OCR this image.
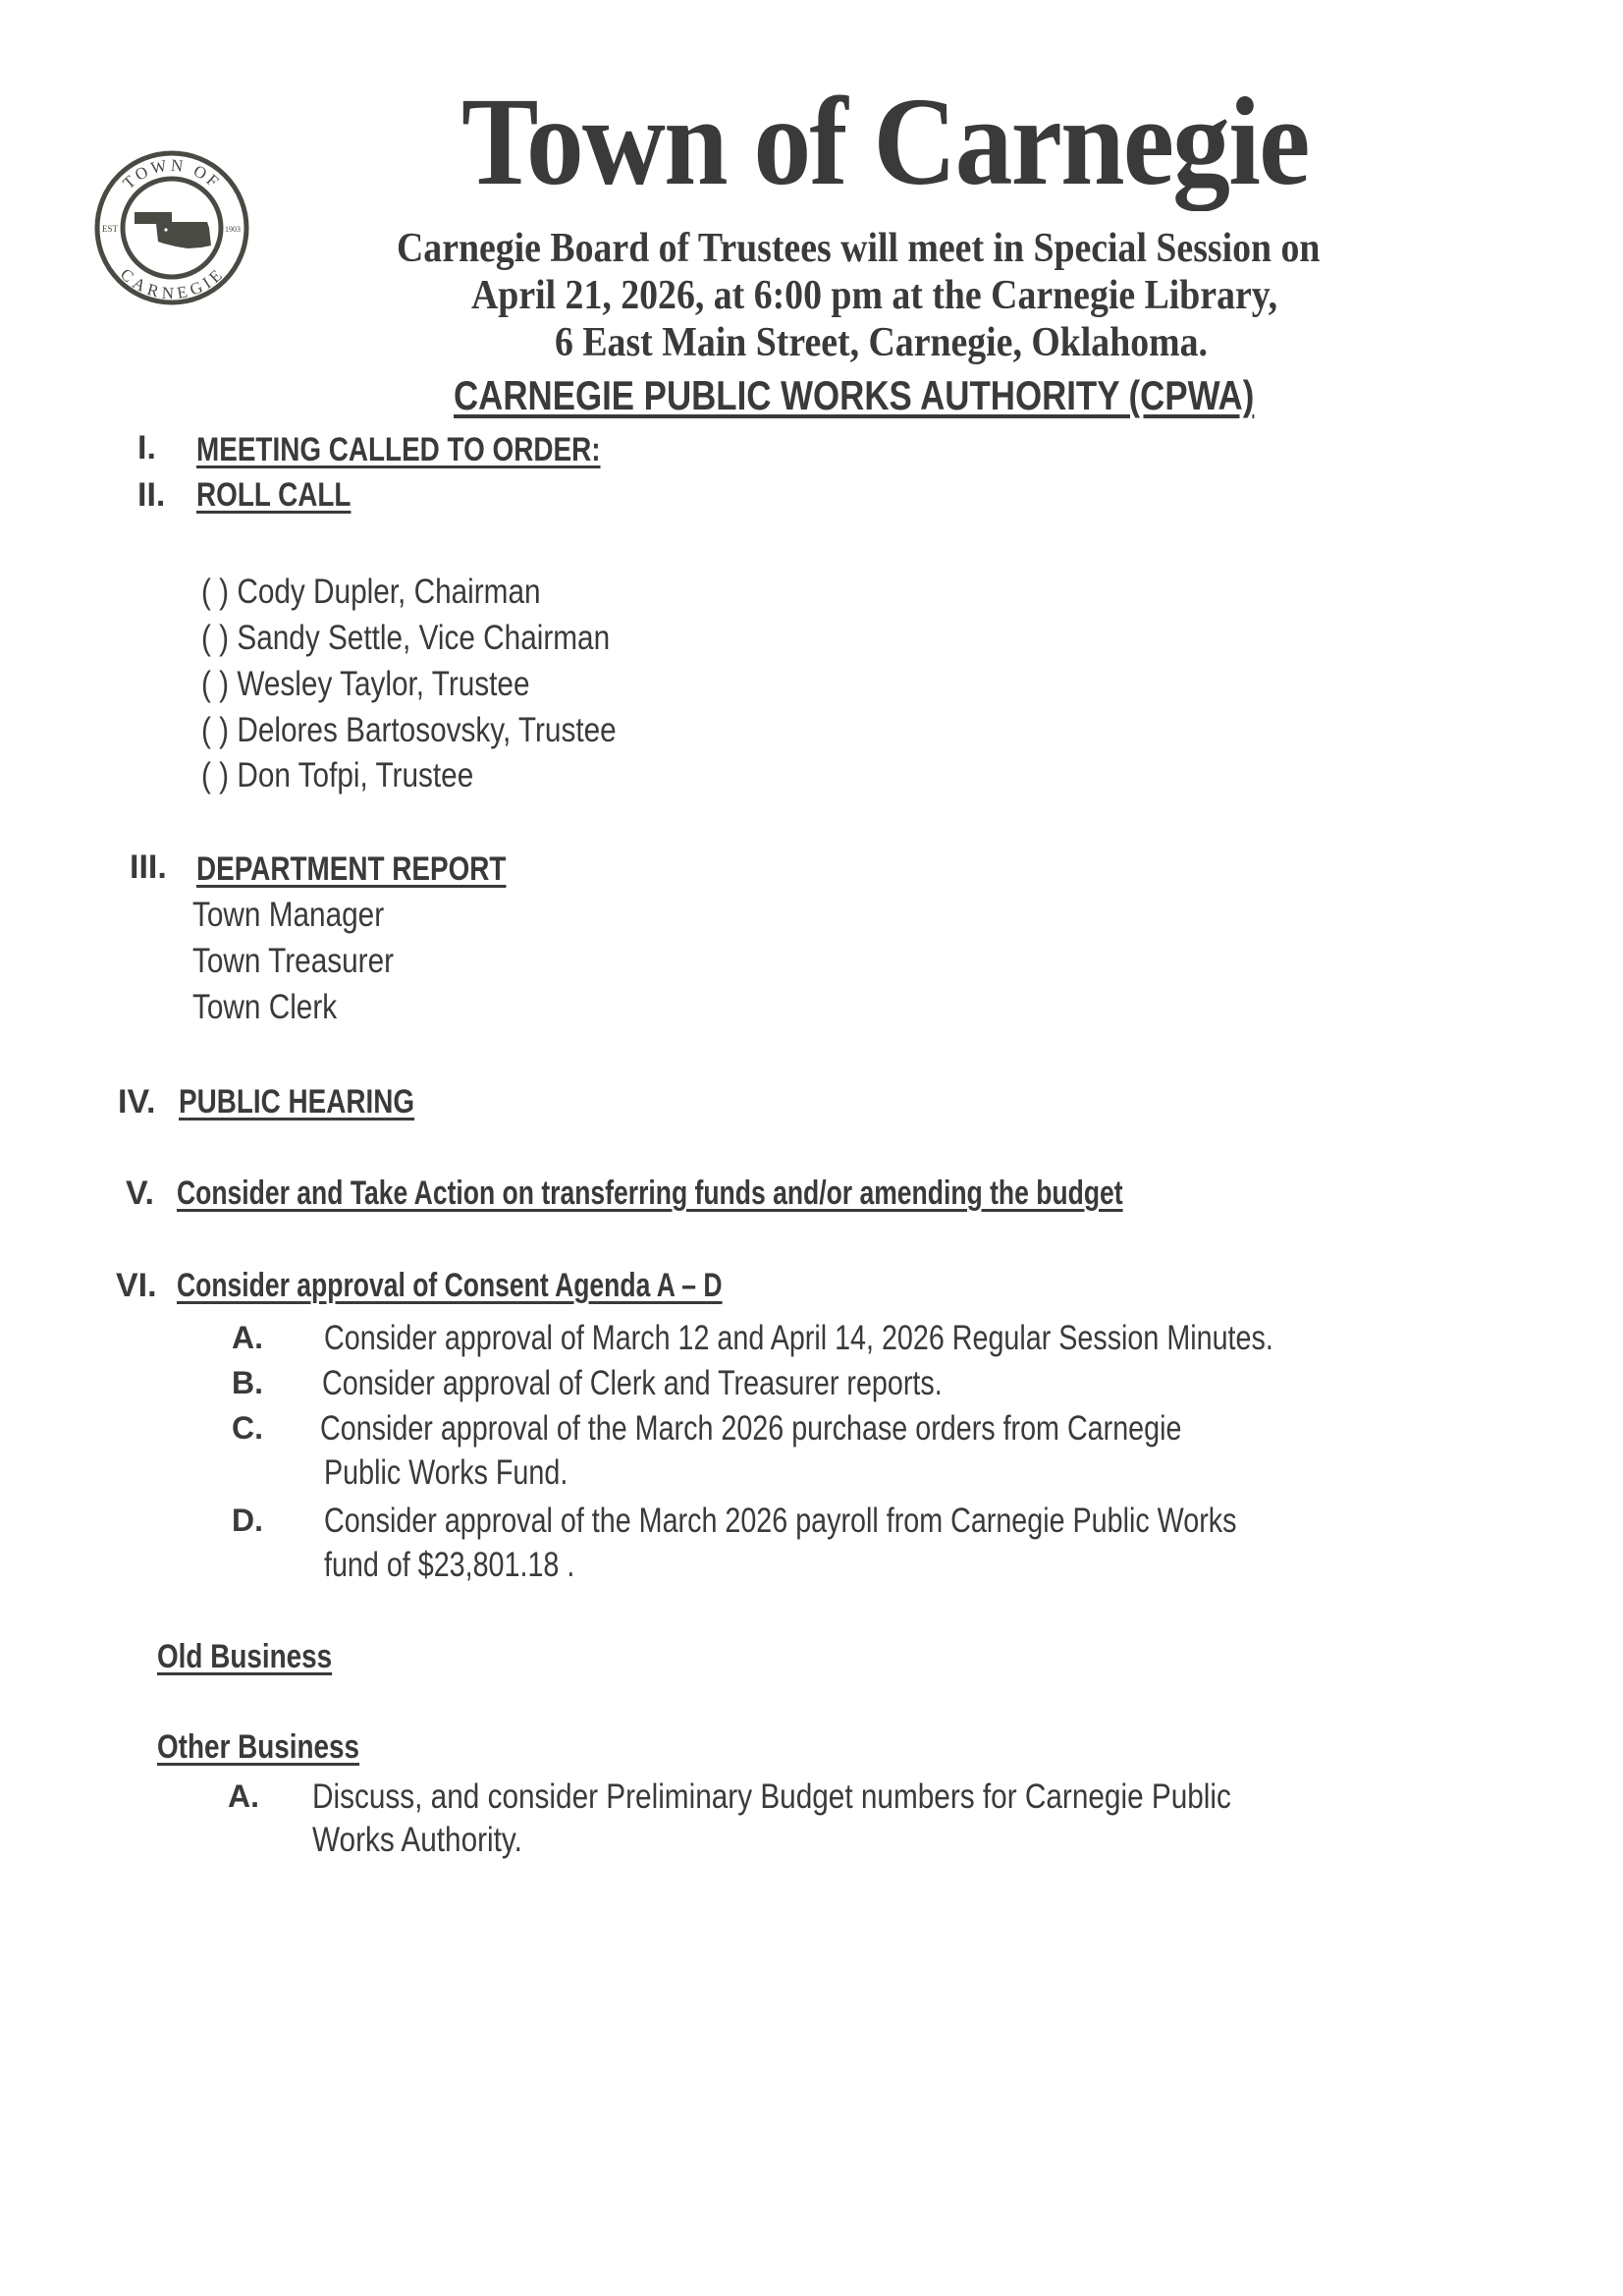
TOWN OF
CARNEGIE
EST	1903
Town of Carnegie
Carnegie Board of Trustees will meet in Special Session on
April 21, 2026, at 6:00 pm at the Carnegie Library,
6 East Main Street, Carnegie, Oklahoma.
CARNEGIE PUBLIC WORKS AUTHORITY (CPWA)
I. MEETING CALLED TO ORDER:
II. ROLL CALL
( ) Cody Dupler, Chairman
( ) Sandy Settle, Vice Chairman
( ) Wesley Taylor, Trustee
( ) Delores Bartosovsky, Trustee
( ) Don Tofpi, Trustee
III. DEPARTMENT REPORT
Town Manager
Town Treasurer
Town Clerk
IV. PUBLIC HEARING
V. Consider and Take Action on transferring funds and/or amending the budget
VI. Consider approval of Consent Agenda A – D
A. Consider approval of March 12 and April 14, 2026 Regular Session Minutes.
B. Consider approval of Clerk and Treasurer reports.
C. Consider approval of the March 2026 purchase orders from Carnegie
Public Works Fund.
D. Consider approval of the March 2026 payroll from Carnegie Public Works
fund of $23,801.18 .
Old Business
Other Business
A. Discuss, and consider Preliminary Budget numbers for Carnegie Public
Works Authority.
